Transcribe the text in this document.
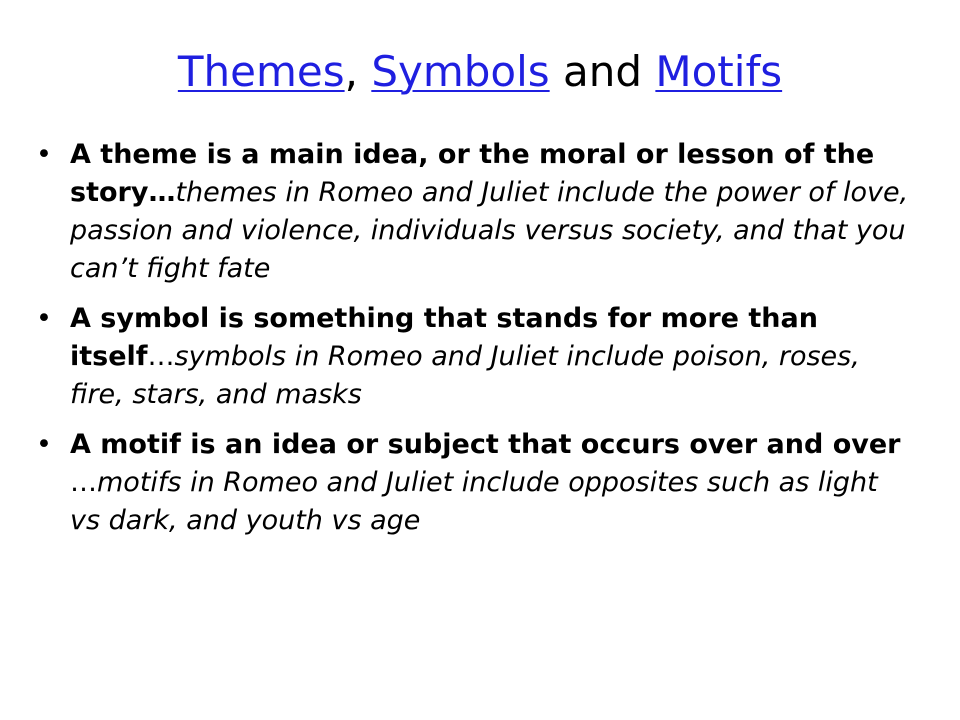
Themes, Symbols and Motifs
• A theme is a main idea, or the moral or lesson of the story…themes in Romeo and Juliet include the power of love, passion and violence, individuals versus society, and that you can’t fight fate
• A symbol is something that stands for more than itself…symbols in Romeo and Juliet include poison, roses, fire, stars, and masks
• A motif is an idea or subject that occurs over and over …motifs in Romeo and Juliet include opposites such as light vs dark, and youth vs age
